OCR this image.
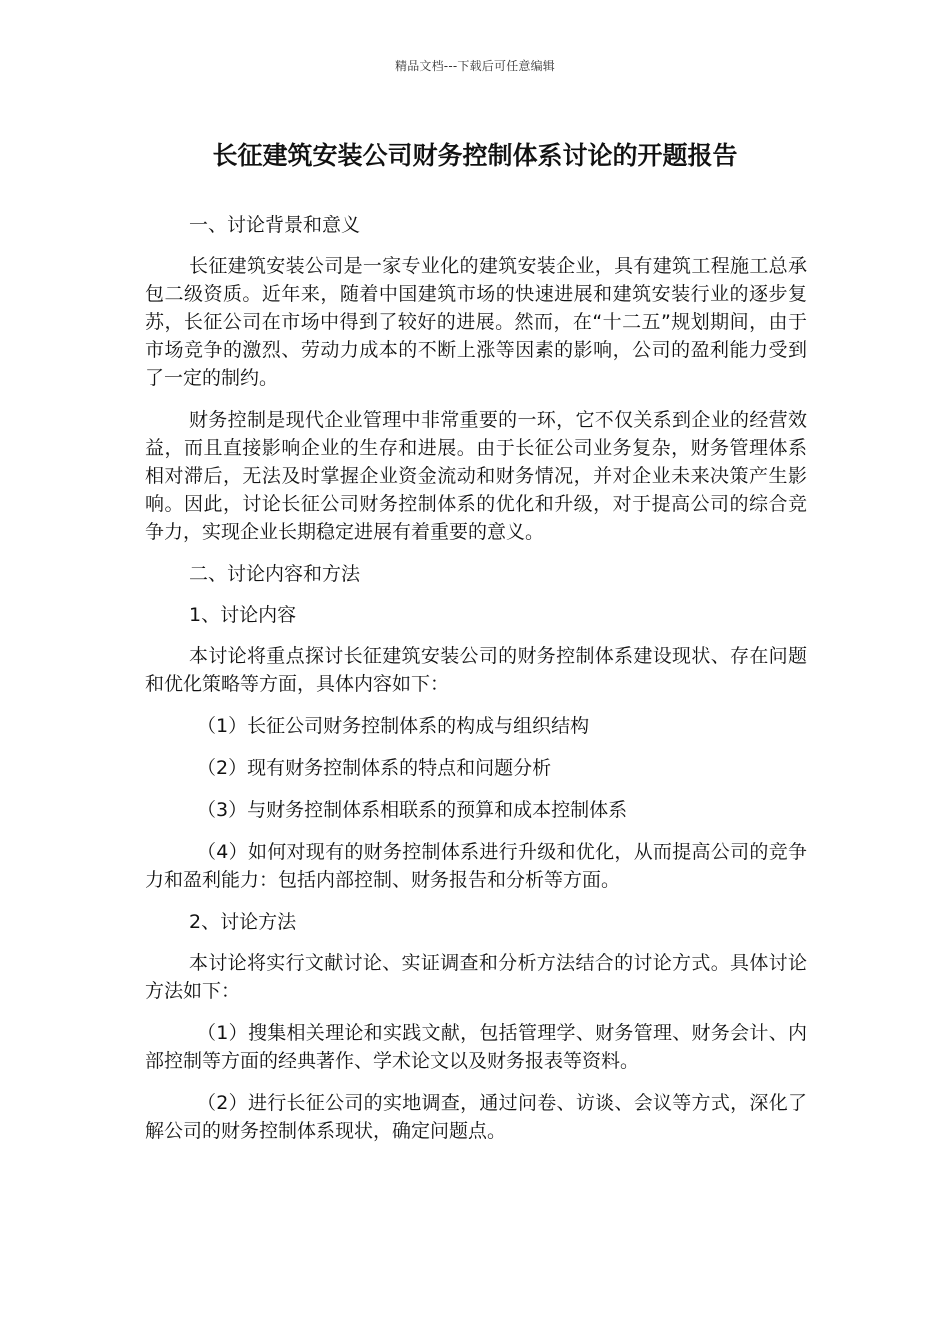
精品文档---下载后可任意编辑
长征建筑安装公司财务控制体系讨论的开题报告

一、讨论背景和意义

长征建筑安装公司是一家专业化的建筑安装企业，具有建筑工程施工总承包二级资质。近年来，随着中国建筑市场的快速进展和建筑安装行业的逐步复苏，长征公司在市场中得到了较好的进展。然而，在“十二五”规划期间，由于市场竞争的激烈、劳动力成本的不断上涨等因素的影响，公司的盈利能力受到了一定的制约。

财务控制是现代企业管理中非常重要的一环，它不仅关系到企业的经营效益，而且直接影响企业的生存和进展。由于长征公司业务复杂，财务管理体系相对滞后，无法及时掌握企业资金流动和财务情况，并对企业未来决策产生影响。因此，讨论长征公司财务控制体系的优化和升级，对于提高公司的综合竞争力，实现企业长期稳定进展有着重要的意义。

二、讨论内容和方法

1、讨论内容

本讨论将重点探讨长征建筑安装公司的财务控制体系建设现状、存在问题和优化策略等方面，具体内容如下：

（1）长征公司财务控制体系的构成与组织结构

（2）现有财务控制体系的特点和问题分析

（3）与财务控制体系相联系的预算和成本控制体系

（4）如何对现有的财务控制体系进行升级和优化，从而提高公司的竞争力和盈利能力：包括内部控制、财务报告和分析等方面。

2、讨论方法

本讨论将实行文献讨论、实证调查和分析方法结合的讨论方式。具体讨论方法如下：

（1）搜集相关理论和实践文献，包括管理学、财务管理、财务会计、内部控制等方面的经典著作、学术论文以及财务报表等资料。

（2）进行长征公司的实地调查，通过问卷、访谈、会议等方式，深化了解公司的财务控制体系现状，确定问题点。
